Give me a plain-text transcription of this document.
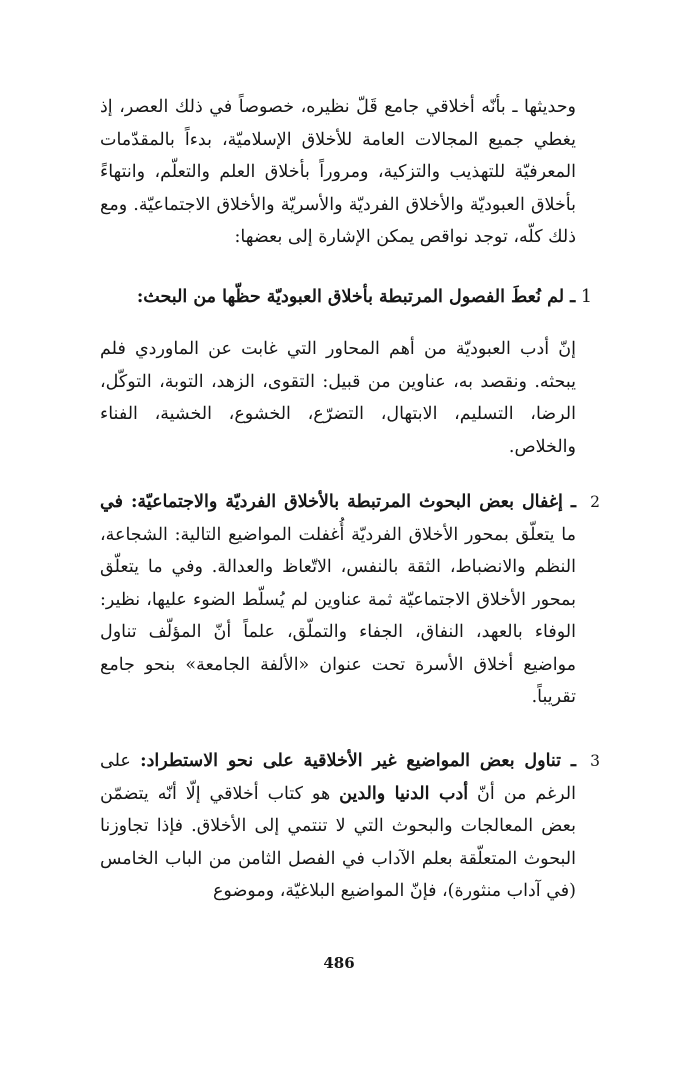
وحديثها ـ بأنّه أخلاقي جامع قَلّ نظيره، خصوصاً في ذلك العصر، إذ يغطي جميع المجالات العامة للأخلاق الإسلاميّة، بدءاً بالمقدّمات المعرفيّة للتهذيب والتزكية، ومروراً بأخلاق العلم والتعلّم، وانتهاءً بأخلاق العبوديّة والأخلاق الفرديّة والأسريّة والأخلاق الاجتماعيّة. ومع ذلك كلّه، توجد نواقص يمكن الإشارة إلى بعضها:
1 ـ لم نُعطَ الفصول المرتبطة بأخلاق العبوديّة حظّها من البحث:
إنّ أدب العبوديّة من أهم المحاور التي غابت عن الماوردي فلم يبحثه. ونقصد به، عناوين من قبيل: التقوى، الزهد، التوبة، التوكّل، الرضا، التسليم، الابتهال، التضرّع، الخشوع، الخشية، الفناء والخلاص.
2
ـ إغفال بعض البحوث المرتبطة بالأخلاق الفرديّة والاجتماعيّة: في ما يتعلّق بمحور الأخلاق الفرديّة أُغفلت المواضيع التالية: الشجاعة، النظم والانضباط، الثقة بالنفس، الاتّعاظ والعدالة. وفي ما يتعلّق بمحور الأخلاق الاجتماعيّة ثمة عناوين لم يُسلّط الضوء عليها، نظير: الوفاء بالعهد، النفاق، الجفاء والتملّق، علماً أنّ المؤلّف تناول مواضيع أخلاق الأسرة تحت عنوان «الألفة الجامعة» بنحو جامع تقريباً.
3
ـ تناول بعض المواضيع غير الأخلاقية على نحو الاستطراد: على الرغم من أنّ أدب الدنيا والدين هو كتاب أخلاقي إلّا أنّه يتضمّن بعض المعالجات والبحوث التي لا تنتمي إلى الأخلاق. فإذا تجاوزنا البحوث المتعلّقة بعلم الآداب في الفصل الثامن من الباب الخامس (في آداب منثورة)، فإنّ المواضيع البلاغيّة، وموضوع
486
